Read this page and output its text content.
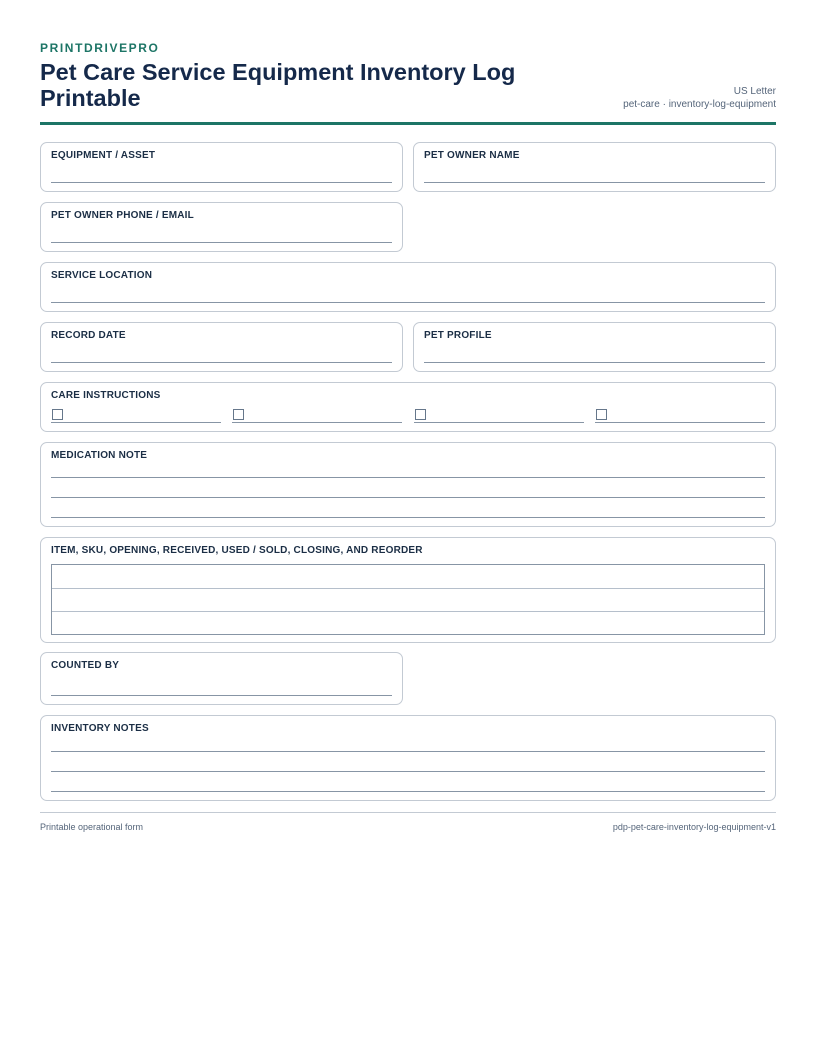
PRINTDRIVEPRO
Pet Care Service Equipment Inventory Log Printable	US Letter
pet-care · inventory-log-equipment
EQUIPMENT / ASSET	PET OWNER NAME
PET OWNER PHONE / EMAIL
SERVICE LOCATION
RECORD DATE	PET PROFILE
CARE INSTRUCTIONS
MEDICATION NOTE
ITEM, SKU, OPENING, RECEIVED, USED / SOLD, CLOSING, AND REORDER
COUNTED BY
INVENTORY NOTES
Printable operational form	pdp-pet-care-inventory-log-equipment-v1
